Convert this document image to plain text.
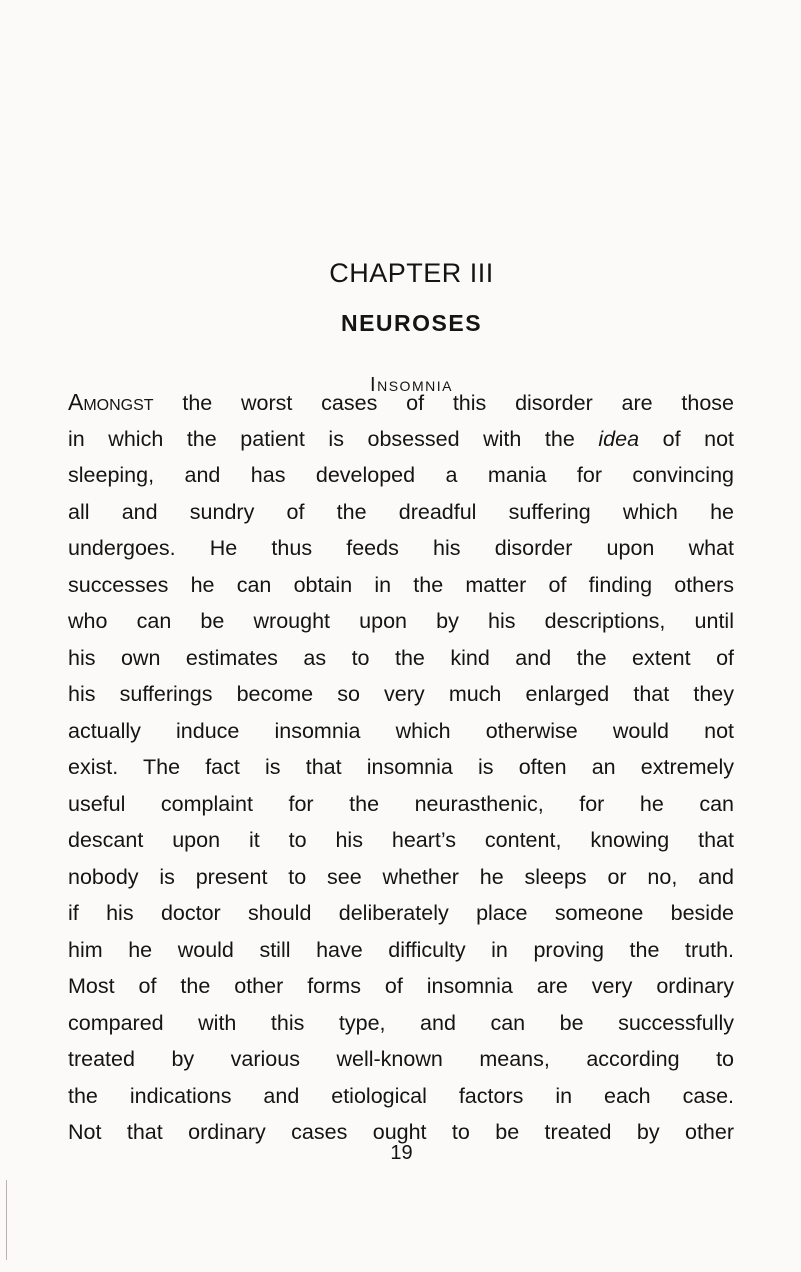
CHAPTER III
NEUROSES
Insomnia
Amongst the worst cases of this disorder are those
in which the patient is obsessed with the idea of not
sleeping, and has developed a mania for convincing
all and sundry of the dreadful suffering which he
undergoes. He thus feeds his disorder upon what
successes he can obtain in the matter of finding others
who can be wrought upon by his descriptions, until
his own estimates as to the kind and the extent of
his sufferings become so very much enlarged that they
actually induce insomnia which otherwise would not
exist. The fact is that insomnia is often an extremely
useful complaint for the neurasthenic, for he can
descant upon it to his heart’s content, knowing that
nobody is present to see whether he sleeps or no, and
if his doctor should deliberately place someone beside
him he would still have difficulty in proving the truth.
Most of the other forms of insomnia are very ordinary
compared with this type, and can be successfully
treated by various well-known means, according to
the indications and etiological factors in each case.
Not that ordinary cases ought to be treated by other
19
